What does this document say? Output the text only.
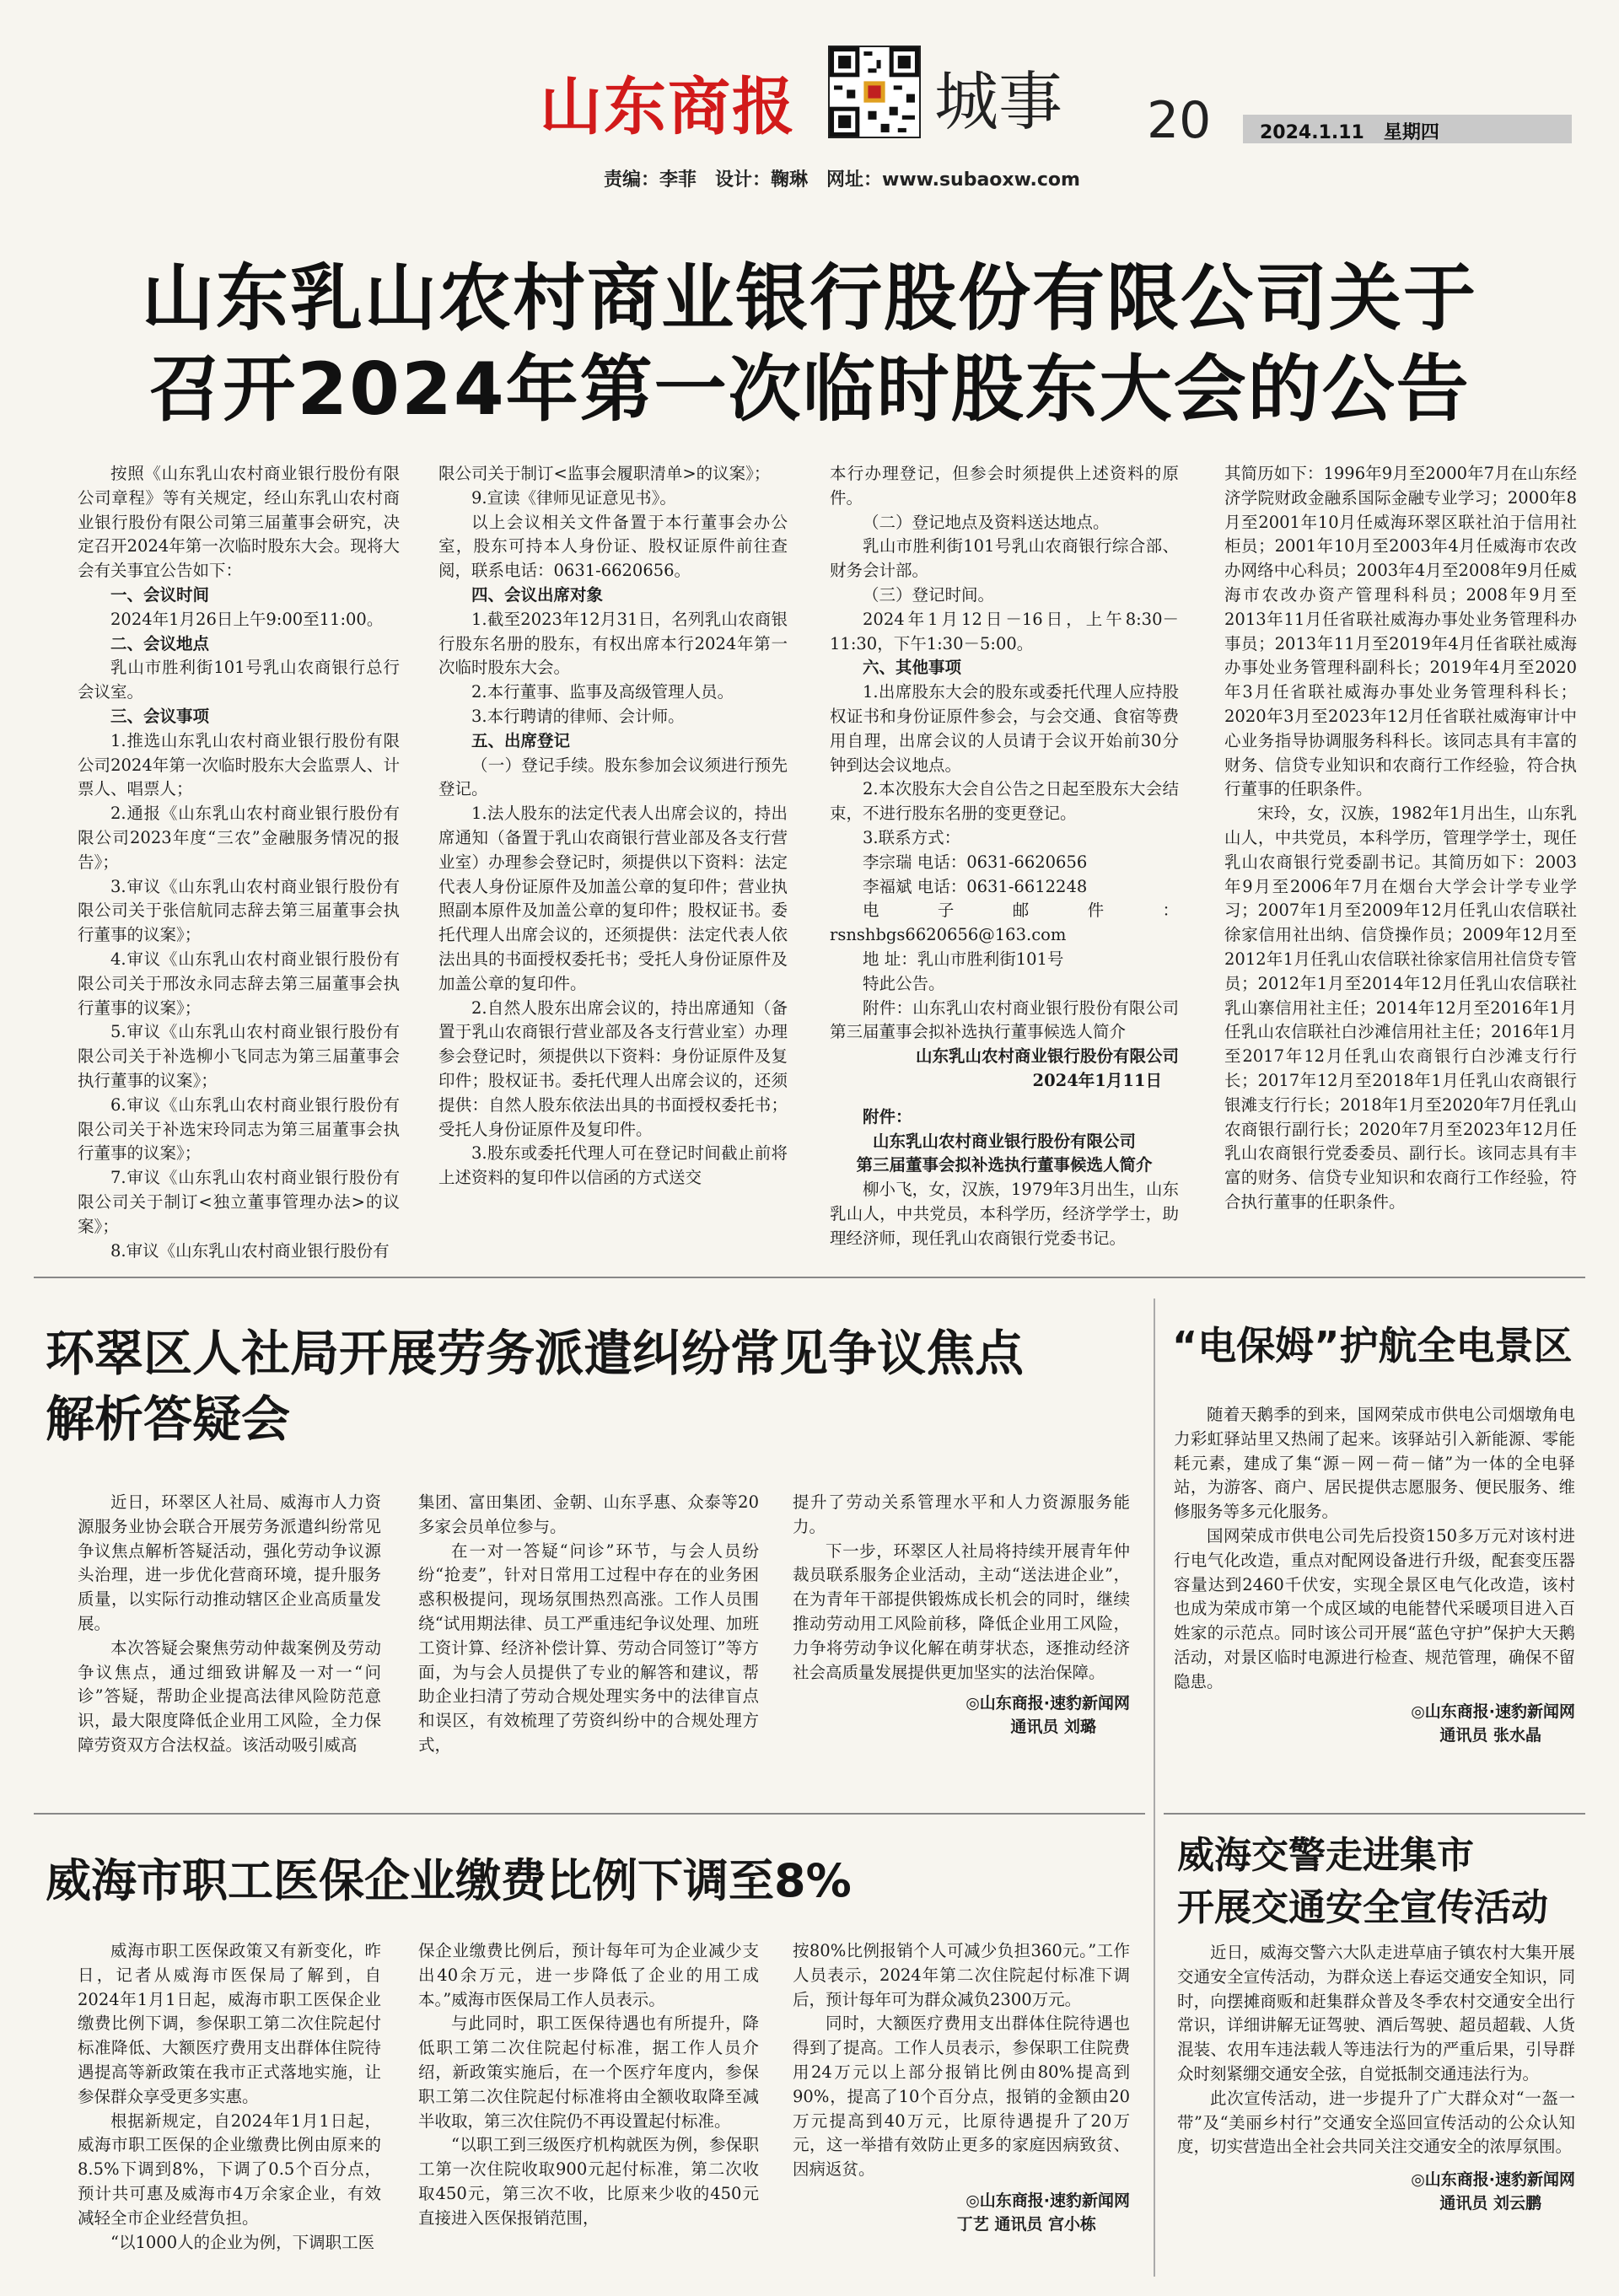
山东商报 城事 20	2024.1.11 星期四
责编：李菲 设计：鞠琳 网址：www.subaoxw.com
山东乳山农村商业银行股份有限公司关于
召开2024年第一次临时股东大会的公告

按照《山东乳山农村商业银行股份有限公司章程》等有关规定，经山东乳山农村商业银行股份有限公司第三届董事会研究，决定召开2024年第一次临时股东大会。现将大会有关事宜公告如下：

一、会议时间

2024年1月26日上午9:00至11:00。

二、会议地点

乳山市胜利街101号乳山农商银行总行会议室。

三、会议事项

1.推选山东乳山农村商业银行股份有限公司2024年第一次临时股东大会监票人、计票人、唱票人；

2.通报《山东乳山农村商业银行股份有限公司2023年度“三农”金融服务情况的报告》；

3.审议《山东乳山农村商业银行股份有限公司关于张信航同志辞去第三届董事会执行董事的议案》；

4.审议《山东乳山农村商业银行股份有限公司关于邢汝永同志辞去第三届董事会执行董事的议案》；

5.审议《山东乳山农村商业银行股份有限公司关于补选柳小飞同志为第三届董事会执行董事的议案》；

6.审议《山东乳山农村商业银行股份有限公司关于补选宋玲同志为第三届董事会执行董事的议案》；

7.审议《山东乳山农村商业银行股份有限公司关于制订<独立董事管理办法>的议案》；

8.审议《山东乳山农村商业银行股份有

限公司关于制订<监事会履职清单>的议案》；

9.宣读《律师见证意见书》。

以上会议相关文件备置于本行董事会办公室，股东可持本人身份证、股权证原件前往查阅，联系电话：0631-6620656。

四、会议出席对象

1.截至2023年12月31日，名列乳山农商银行股东名册的股东，有权出席本行2024年第一次临时股东大会。

2.本行董事、监事及高级管理人员。

3.本行聘请的律师、会计师。

五、出席登记

（一）登记手续。股东参加会议须进行预先登记。

1.法人股东的法定代表人出席会议的，持出席通知（备置于乳山农商银行营业部及各支行营业室）办理参会登记时，须提供以下资料：法定代表人身份证原件及加盖公章的复印件；营业执照副本原件及加盖公章的复印件；股权证书。委托代理人出席会议的，还须提供：法定代表人依法出具的书面授权委托书；受托人身份证原件及加盖公章的复印件。

2.自然人股东出席会议的，持出席通知（备置于乳山农商银行营业部及各支行营业室）办理参会登记时，须提供以下资料：身份证原件及复印件；股权证书。委托代理人出席会议的，还须提供：自然人股东依法出具的书面授权委托书；受托人身份证原件及复印件。

3.股东或委托代理人可在登记时间截止前将上述资料的复印件以信函的方式送交

本行办理登记，但参会时须提供上述资料的原件。

（二）登记地点及资料送达地点。

乳山市胜利街101号乳山农商银行综合部、财务会计部。

（三）登记时间。

2024年1月12日－16日，上午8:30－11:30，下午1:30－5:00。

六、其他事项

1.出席股东大会的股东或委托代理人应持股权证书和身份证原件参会，与会交通、食宿等费用自理，出席会议的人员请于会议开始前30分钟到达会议地点。

2.本次股东大会自公告之日起至股东大会结束，不进行股东名册的变更登记。

3.联系方式：

李宗瑞 电话：0631-6620656

李福斌 电话：0631-6612248

电子邮件：rsnshbgs6620656@163.com

地 址：乳山市胜利街101号

特此公告。

附件：山东乳山农村商业银行股份有限公司第三届董事会拟补选执行董事候选人简介

山东乳山农村商业银行股份有限公司

2024年1月11日

附件：

山东乳山农村商业银行股份有限公司

第三届董事会拟补选执行董事候选人简介

柳小飞，女，汉族，1979年3月出生，山东乳山人，中共党员，本科学历，经济学学士，助理经济师，现任乳山农商银行党委书记。

其简历如下：1996年9月至2000年7月在山东经济学院财政金融系国际金融专业学习；2000年8月至2001年10月任威海环翠区联社泊于信用社柜员；2001年10月至2003年4月任威海市农改办网络中心科员；2003年4月至2008年9月任威海市农改办资产管理科科员；2008年9月至2013年11月任省联社威海办事处业务管理科办事员；2013年11月至2019年4月任省联社威海办事处业务管理科副科长；2019年4月至2020年3月任省联社威海办事处业务管理科科长；2020年3月至2023年12月任省联社威海审计中心业务指导协调服务科科长。该同志具有丰富的财务、信贷专业知识和农商行工作经验，符合执行董事的任职条件。

宋玲，女，汉族，1982年1月出生，山东乳山人，中共党员，本科学历，管理学学士，现任乳山农商银行党委副书记。其简历如下：2003年9月至2006年7月在烟台大学会计学专业学习；2007年1月至2009年12月任乳山农信联社徐家信用社出纳、信贷操作员；2009年12月至2012年1月任乳山农信联社徐家信用社信贷专管员；2012年1月至2014年12月任乳山农信联社乳山寨信用社主任；2014年12月至2016年1月任乳山农信联社白沙滩信用社主任；2016年1月至2017年12月任乳山农商银行白沙滩支行行长；2017年12月至2018年1月任乳山农商银行银滩支行行长；2018年1月至2020年7月任乳山农商银行副行长；2020年7月至2023年12月任乳山农商银行党委委员、副行长。该同志具有丰富的财务、信贷专业知识和农商行工作经验，符合执行董事的任职条件。

环翠区人社局开展劳务派遣纠纷常见争议焦点
解析答疑会

近日，环翠区人社局、威海市人力资源服务业协会联合开展劳务派遣纠纷常见争议焦点解析答疑活动，强化劳动争议源头治理，进一步优化营商环境，提升服务质量，以实际行动推动辖区企业高质量发展。

本次答疑会聚焦劳动仲裁案例及劳动争议焦点，通过细致讲解及一对一“问诊”答疑，帮助企业提高法律风险防范意识，最大限度降低企业用工风险，全力保障劳资双方合法权益。该活动吸引威高

集团、富田集团、金朝、山东孚惠、众泰等20多家会员单位参与。

在一对一答疑“问诊”环节，与会人员纷纷“抢麦”，针对日常用工过程中存在的业务困惑积极提问，现场氛围热烈高涨。工作人员围绕“试用期法律、员工严重违纪争议处理、加班工资计算、经济补偿计算、劳动合同签订”等方面，为与会人员提供了专业的解答和建议，帮助企业扫清了劳动合规处理实务中的法律盲点和误区，有效梳理了劳资纠纷中的合规处理方式，

提升了劳动关系管理水平和人力资源服务能力。

下一步，环翠区人社局将持续开展青年仲裁员联系服务企业活动，主动“送法进企业”，在为青年干部提供锻炼成长机会的同时，继续推动劳动用工风险前移，降低企业用工风险，力争将劳动争议化解在萌芽状态，逐推动经济社会高质量发展提供更加坚实的法治保障。

◎山东商报·速豹新闻网
通讯员 刘璐
“电保姆”护航全电景区

随着天鹅季的到来，国网荣成市供电公司烟墩角电力彩虹驿站里又热闹了起来。该驿站引入新能源、零能耗元素，建成了集“源－网－荷－储”为一体的全电驿站，为游客、商户、居民提供志愿服务、便民服务、维修服务等多元化服务。

国网荣成市供电公司先后投资150多万元对该村进行电气化改造，重点对配网设备进行升级，配套变压器容量达到2460千伏安，实现全景区电气化改造，该村也成为荣成市第一个成区域的电能替代采暖项目进入百姓家的示范点。同时该公司开展“蓝色守护”保护大天鹅活动，对景区临时电源进行检查、规范管理，确保不留隐患。

◎山东商报·速豹新闻网
通讯员 张水晶
威海市职工医保企业缴费比例下调至8%

威海市职工医保政策又有新变化，昨日，记者从威海市医保局了解到，自2024年1月1日起，威海市职工医保企业缴费比例下调，参保职工第二次住院起付标准降低、大额医疗费用支出群体住院待遇提高等新政策在我市正式落地实施，让参保群众享受更多实惠。

根据新规定，自2024年1月1日起，威海市职工医保的企业缴费比例由原来的8.5%下调到8%，下调了0.5个百分点，预计共可惠及威海市4万余家企业，有效减轻全市企业经营负担。

“以1000人的企业为例，下调职工医

保企业缴费比例后，预计每年可为企业减少支出40余万元，进一步降低了企业的用工成本。”威海市医保局工作人员表示。

与此同时，职工医保待遇也有所提升，降低职工第二次住院起付标准，据工作人员介绍，新政策实施后，在一个医疗年度内，参保职工第二次住院起付标准将由全额收取降至减半收取，第三次住院仍不再设置起付标准。

“以职工到三级医疗机构就医为例，参保职工第一次住院收取900元起付标准，第二次收取450元，第三次不收，比原来少收的450元直接进入医保报销范围，

按80%比例报销个人可减少负担360元。”工作人员表示，2024年第二次住院起付标准下调后，预计每年可为群众减负2300万元。

同时，大额医疗费用支出群体住院待遇也得到了提高。工作人员表示，参保职工住院费用24万元以上部分报销比例由80%提高到90%，提高了10个百分点，报销的金额由20万元提高到40万元，比原待遇提升了20万元，这一举措有效防止更多的家庭因病致贫、因病返贫。

◎山东商报·速豹新闻网
丁艺 通讯员 宫小栋
威海交警走进集市
开展交通安全宣传活动

近日，威海交警六大队走进草庙子镇农村大集开展交通安全宣传活动，为群众送上春运交通安全知识，同时，向摆摊商贩和赶集群众普及冬季农村交通安全出行常识，详细讲解无证驾驶、酒后驾驶、超员超载、人货混装、农用车违法载人等违法行为的严重后果，引导群众时刻紧绷交通安全弦，自觉抵制交通违法行为。

此次宣传活动，进一步提升了广大群众对“一盔一带”及“美丽乡村行”交通安全巡回宣传活动的公众认知度，切实营造出全社会共同关注交通安全的浓厚氛围。

◎山东商报·速豹新闻网
通讯员 刘云鹏
